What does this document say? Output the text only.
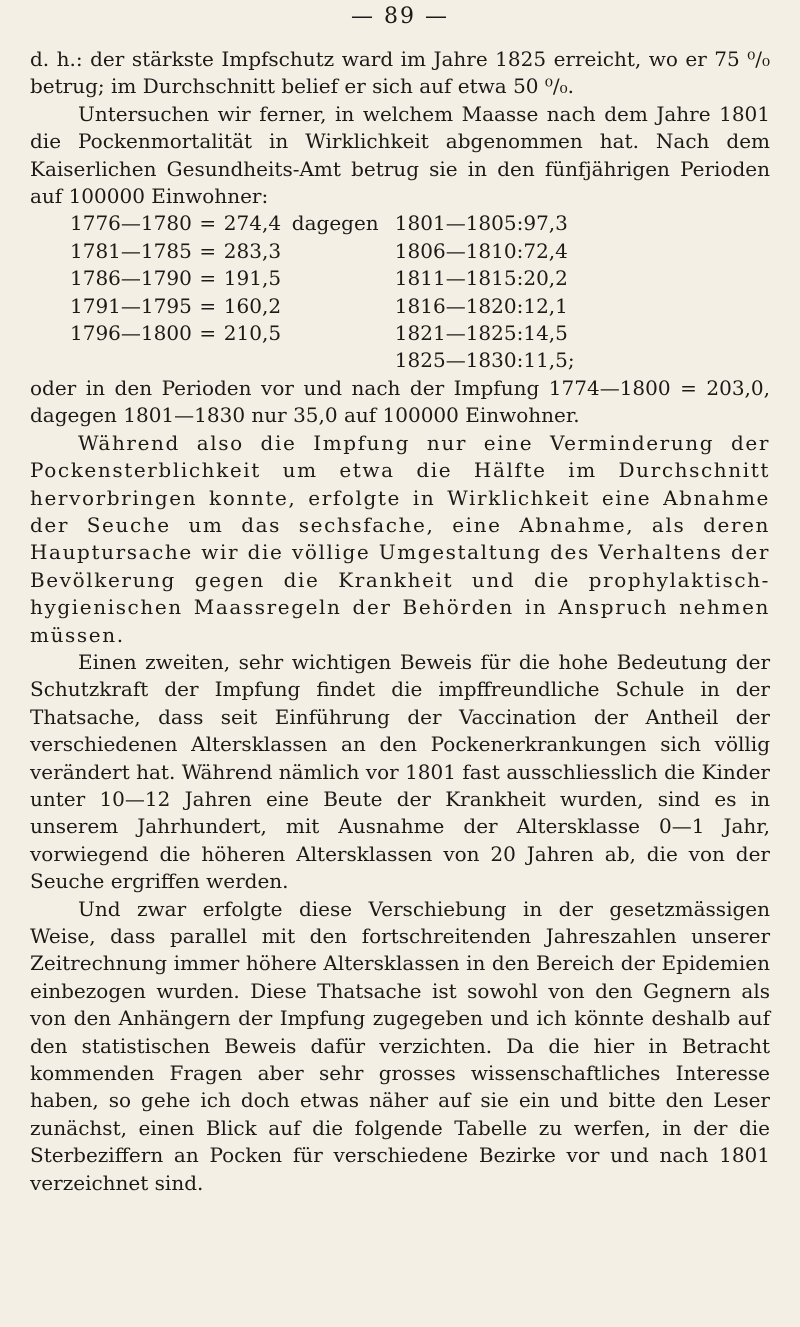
— 89 —

d. h.: der stärkste Impfschutz ward im Jahre 1825 erreicht, wo er 75 ⁰/₀ betrug; im Durchschnitt belief er sich auf etwa 50 ⁰/₀.

Untersuchen wir ferner, in welchem Maasse nach dem Jahre 1801 die Pockenmortalität in Wirklichkeit abgenommen hat. Nach dem Kaiserlichen Gesundheits-Amt betrug sie in den fünfjährigen Perioden auf 100000 Einwohner:

1776—1780	=	274,4	dagegen	1801—1805:	97,3
1781—1785	=	283,3		1806—1810:	72,4
1786—1790	=	191,5		1811—1815:	20,2
1791—1795	=	160,2		1816—1820:	12,1
1796—1800	=	210,5		1821—1825:	14,5
				1825—1830:	11,5;

oder in den Perioden vor und nach der Impfung 1774—1800 = 203,0, dagegen 1801—1830 nur 35,0 auf 100000 Einwohner.

Während also die Impfung nur eine Verminderung der Pockensterblichkeit um etwa die Hälfte im Durchschnitt hervorbringen konnte, erfolgte in Wirklichkeit eine Abnahme der Seuche um das sechsfache, eine Abnahme, als deren Hauptursache wir die völlige Umgestaltung des Verhaltens der Bevölkerung gegen die Krankheit und die prophylaktisch-hygienischen Maassregeln der Behörden in Anspruch nehmen müssen.

Einen zweiten, sehr wichtigen Beweis für die hohe Bedeutung der Schutzkraft der Impfung findet die impffreundliche Schule in der Thatsache, dass seit Einführung der Vaccination der Antheil der verschiedenen Altersklassen an den Pockenerkrankungen sich völlig verändert hat. Während nämlich vor 1801 fast ausschliesslich die Kinder unter 10—12 Jahren eine Beute der Krankheit wurden, sind es in unserem Jahrhundert, mit Ausnahme der Altersklasse 0—1 Jahr, vorwiegend die höheren Altersklassen von 20 Jahren ab, die von der Seuche ergriffen werden.

Und zwar erfolgte diese Verschiebung in der gesetzmässigen Weise, dass parallel mit den fortschreitenden Jahreszahlen unserer Zeitrechnung immer höhere Altersklassen in den Bereich der Epidemien einbezogen wurden. Diese Thatsache ist sowohl von den Gegnern als von den Anhängern der Impfung zugegeben und ich könnte deshalb auf den statistischen Beweis dafür verzichten. Da die hier in Betracht kommenden Fragen aber sehr grosses wissenschaftliches Interesse haben, so gehe ich doch etwas näher auf sie ein und bitte den Leser zunächst, einen Blick auf die folgende Tabelle zu werfen, in der die Sterbeziffern an Pocken für verschiedene Bezirke vor und nach 1801 verzeichnet sind.
